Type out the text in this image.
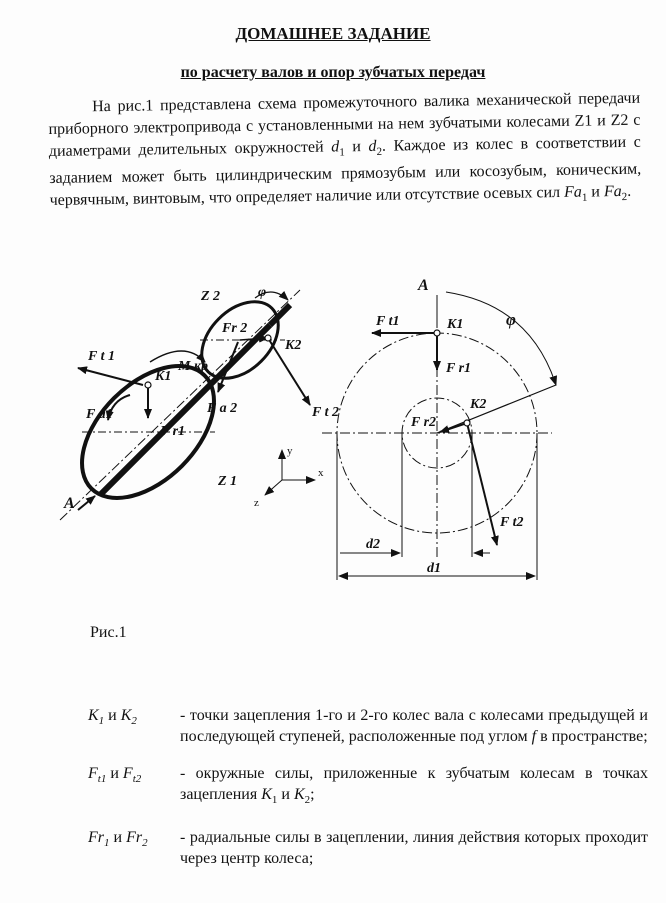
ДОМАШНЕЕ ЗАДАНИЕ
по расчету валов и опор зубчатых передач

На рис.1 представлена схема промежуточного валика механической передачи приборного электропривода с установленными на нем зубчатыми колесами Z1 и Z2 с диаметрами делительных окружностей $d_1$ и $d_2$. Каждое из колес в соответствии с заданием может быть цилиндрическим прямозубым или косозубым, коническим, червячным, винтовым, что определяет наличие или отсутствие осевых сил $Fa_1$ и $Fa_2$.

φ
Z 2
Fr 2
K2
F t 1
M кр
K1
F a 2	F t 2
F a1
F r1
Z 1
A
y
x
z
A
F t1	K1	φ
F r1
K2
F r2
F t2
d2
d1
Рис.1
$K_1$ и $K_2$	- точки зацепления 1-го и 2-го колес вала с колесами предыдущей и последующей ступеней, расположенные под углом f в пространстве;
$F_{t1}$ и $F_{t2}$	- окружные силы, приложенные к зубчатым колесам в точках зацепления $K_1$ и $K_2$;
$Fr_1$ и $Fr_2$	- радиальные силы в зацеплении, линия действия которых проходит через центр колеса;
